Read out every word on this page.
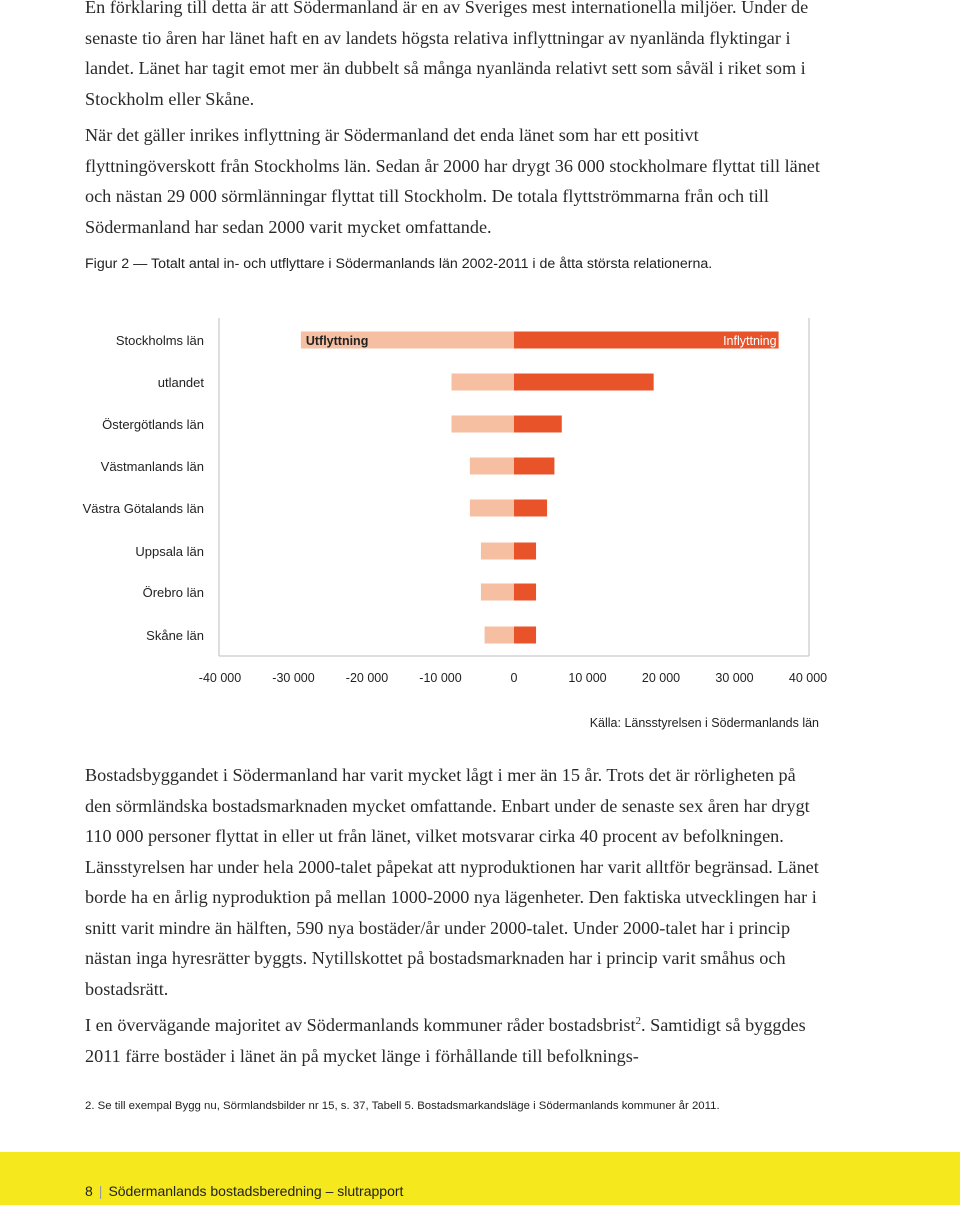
En förklaring till detta är att Södermanland är en av Sveriges mest internationella miljöer. Under de senaste tio åren har länet haft en av landets högsta relativa inflyttningar av nyanlända flyktingar i landet. Länet har tagit emot mer än dubbelt så många nyanlända relativt sett som såväl i riket som i Stockholm eller Skåne.

När det gäller inrikes inflyttning är Södermanland det enda länet som har ett positivt flyttningöverskott från Stockholms län. Sedan år 2000 har drygt 36 000 stockholmare flyttat till länet och nästan 29 000 sörmlänningar flyttat till Stockholm. De totala flyttströmmarna från och till Södermanland har sedan 2000 varit mycket omfattande.

Figur 2 — Totalt antal in- och utflyttare i Södermanlands län 2002-2011 i de åtta största relationerna.
Stockholms län
utlandet
Östergötlands län
Västmanlands län
Västra Götalands län
Uppsala län
Örebro län
Skåne län
Utflyttning	Inflyttning
-40 000 -30 000 -20 000 -10 000	0	10 000	20 000	30 000	40 000
Källa: Länsstyrelsen i Södermanlands län

Bostadsbyggandet i Södermanland har varit mycket lågt i mer än 15 år. Trots det är rörligheten på den sörmländska bostadsmarknaden mycket omfattande. Enbart under de senaste sex åren har drygt 110 000 personer flyttat in eller ut från länet, vilket motsvarar cirka 40 procent av befolkningen. Länsstyrelsen har under hela 2000-talet påpekat att nyproduktionen har varit alltför begränsad. Länet borde ha en årlig nyproduktion på mellan 1000-2000 nya lägenheter. Den faktiska utvecklingen har i snitt varit mindre än hälften, 590 nya bostäder/år under 2000-talet. Under 2000-talet har i princip nästan inga hyresrätter byggts. Nytillskottet på bostadsmarknaden har i princip varit småhus och bostadsrätt.

I en övervägande majoritet av Södermanlands kommuner råder bostadsbrist$^2$. Samtidigt så byggdes 2011 färre bostäder i länet än på mycket länge i förhållande till befolknings-

2. Se till exempal Bygg nu, Sörmlandsbilder nr 15, s. 37, Tabell 5. Bostadsmarkandsläge i Södermanlands kommuner år 2011.
8 | Södermanlands bostadsberedning – slutrapport
